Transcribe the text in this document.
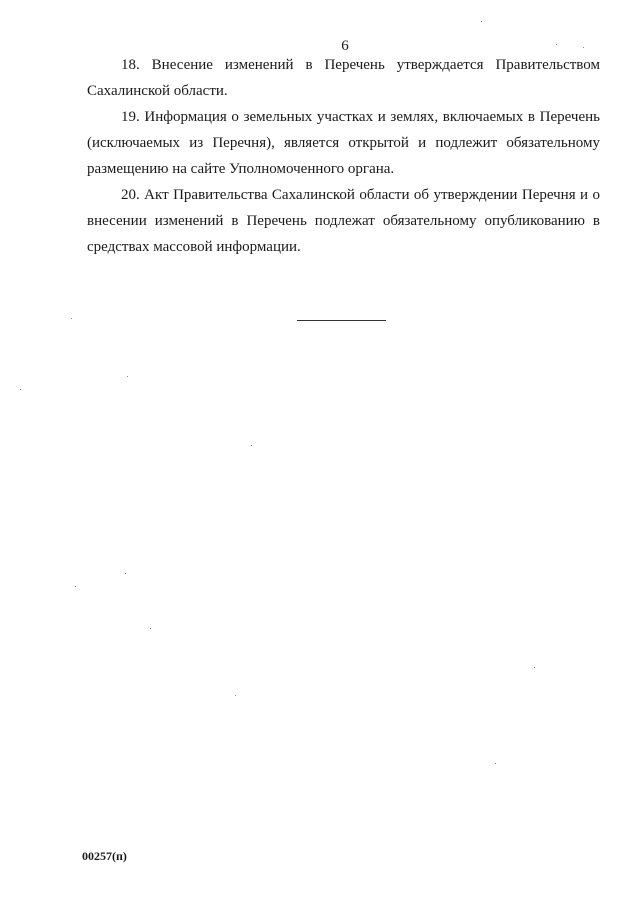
6

18. Внесение изменений в Перечень утверждается Правительством Сахалинской области.

19. Информация о земельных участках и землях, включаемых в Перечень (исключаемых из Перечня), является открытой и подлежит обязательному размещению на сайте Уполномоченного органа.

20. Акт Правительства Сахалинской области об утверждении Перечня и о внесении изменений в Перечень подлежат обязательному опубликованию в средствах массовой информации.

00257(п)
